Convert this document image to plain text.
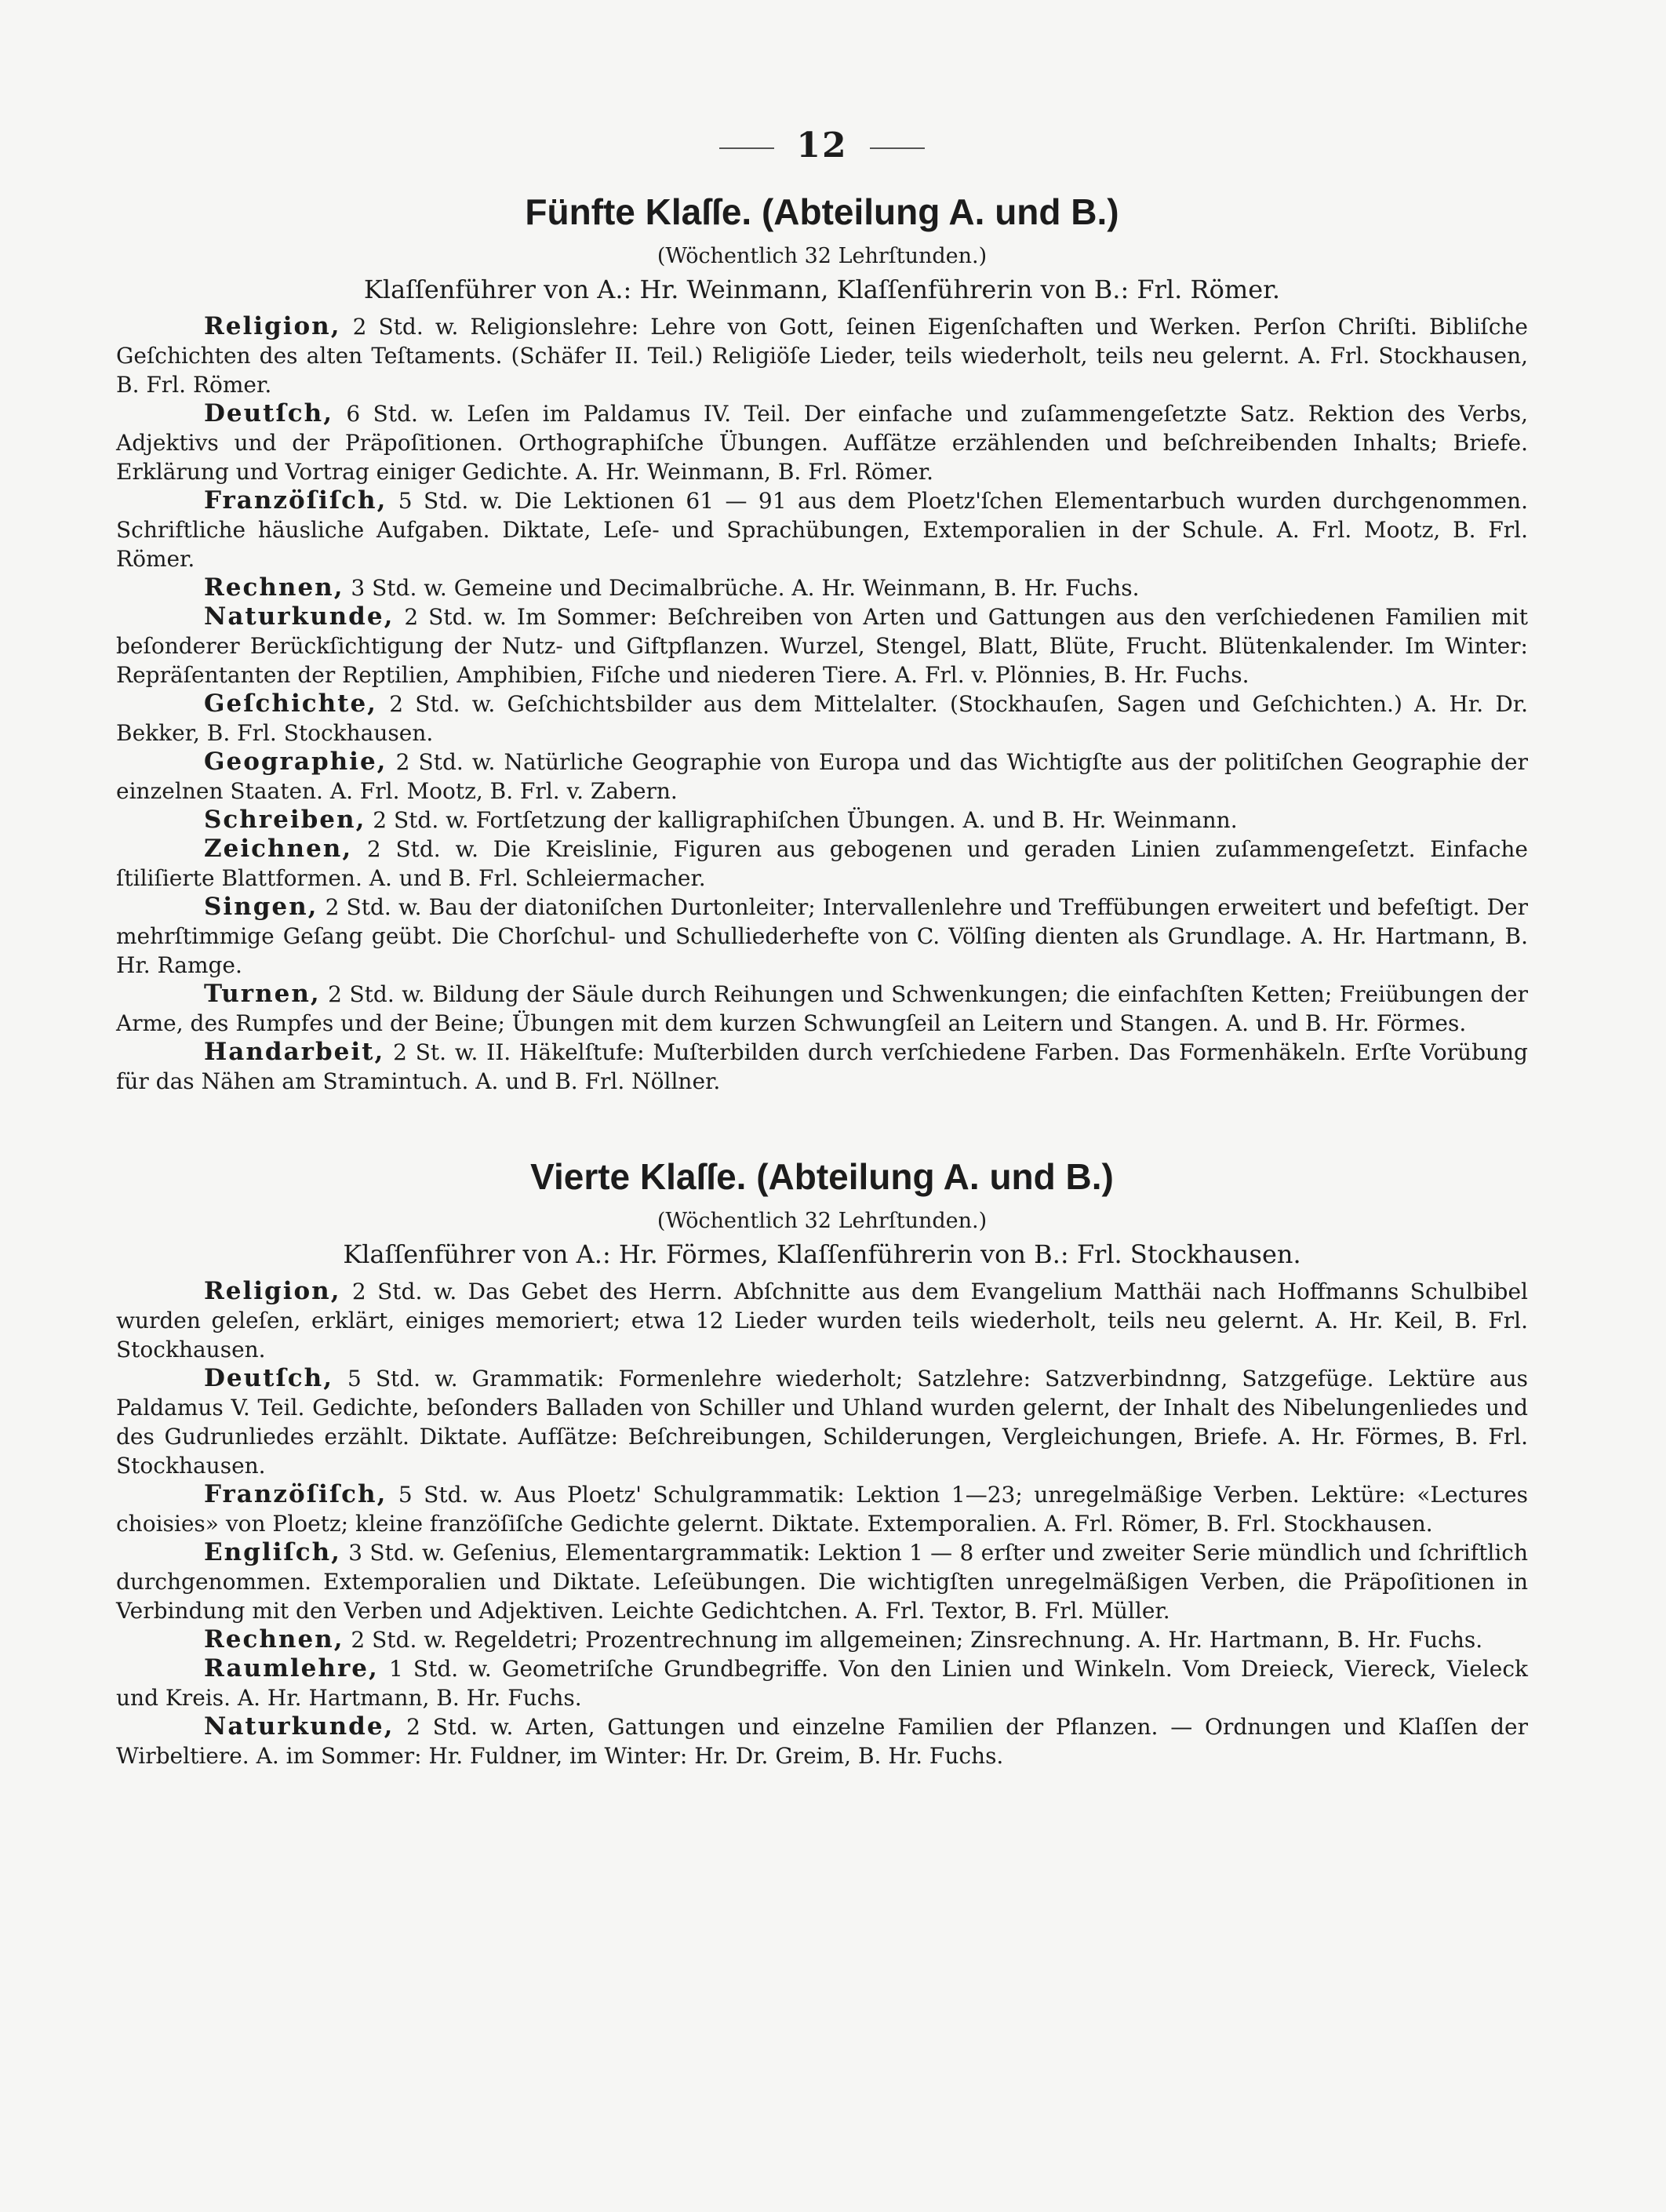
12
Fünfte Klaſſe. (Abteilung A. und B.)

(Wöchentlich 32 Lehrſtunden.)

Klaſſenführer von A.: Hr. Weinmann, Klaſſenführerin von B.: Frl. Römer.

Religion, 2 Std. w. Religionslehre: Lehre von Gott, ſeinen Eigenſchaften und Werken. Perſon Chriſti. Bibliſche Geſchichten des alten Teſtaments. (Schäfer II. Teil.) Religiöſe Lieder, teils wiederholt, teils neu gelernt. A. Frl. Stockhausen, B. Frl. Römer.

Deutſch, 6 Std. w. Leſen im Paldamus IV. Teil. Der einfache und zuſammengeſetzte Satz. Rektion des Verbs, Adjektivs und der Präpoſitionen. Orthographiſche Übungen. Aufſätze erzählenden und beſchreibenden Inhalts; Briefe. Erklärung und Vortrag einiger Gedichte. A. Hr. Weinmann, B. Frl. Römer.

Franzöſiſch, 5 Std. w. Die Lektionen 61 — 91 aus dem Ploetz'ſchen Elementarbuch wurden durchgenommen. Schriftliche häusliche Aufgaben. Diktate, Leſe- und Sprachübungen, Extemporalien in der Schule. A. Frl. Mootz, B. Frl. Römer.

Rechnen, 3 Std. w. Gemeine und Decimalbrüche. A. Hr. Weinmann, B. Hr. Fuchs.

Naturkunde, 2 Std. w. Im Sommer: Beſchreiben von Arten und Gattungen aus den verſchiedenen Familien mit beſonderer Berückſichtigung der Nutz- und Giftpflanzen. Wurzel, Stengel, Blatt, Blüte, Frucht. Blütenkalender. Im Winter: Repräſentanten der Reptilien, Amphibien, Fiſche und niederen Tiere. A. Frl. v. Plönnies, B. Hr. Fuchs.

Geſchichte, 2 Std. w. Geſchichtsbilder aus dem Mittelalter. (Stockhauſen, Sagen und Geſchichten.) A. Hr. Dr. Bekker, B. Frl. Stockhausen.

Geographie, 2 Std. w. Natürliche Geographie von Europa und das Wichtigſte aus der politiſchen Geographie der einzelnen Staaten. A. Frl. Mootz, B. Frl. v. Zabern.

Schreiben, 2 Std. w. Fortſetzung der kalligraphiſchen Übungen. A. und B. Hr. Weinmann.

Zeichnen, 2 Std. w. Die Kreislinie, Figuren aus gebogenen und geraden Linien zuſammengeſetzt. Einfache ſtiliſierte Blattformen. A. und B. Frl. Schleiermacher.

Singen, 2 Std. w. Bau der diatoniſchen Durtonleiter; Intervallenlehre und Treffübungen erweitert und befeſtigt. Der mehrſtimmige Geſang geübt. Die Chorſchul- und Schulliederhefte von C. Völſing dienten als Grundlage. A. Hr. Hartmann, B. Hr. Ramge.

Turnen, 2 Std. w. Bildung der Säule durch Reihungen und Schwenkungen; die einfachſten Ketten; Freiübungen der Arme, des Rumpfes und der Beine; Übungen mit dem kurzen Schwungſeil an Leitern und Stangen. A. und B. Hr. Förmes.

Handarbeit, 2 St. w. II. Häkelſtufe: Muſterbilden durch verſchiedene Farben. Das Formenhäkeln. Erſte Vorübung für das Nähen am Stramintuch. A. und B. Frl. Nöllner.

Vierte Klaſſe. (Abteilung A. und B.)

(Wöchentlich 32 Lehrſtunden.)

Klaſſenführer von A.: Hr. Förmes, Klaſſenführerin von B.: Frl. Stockhausen.

Religion, 2 Std. w. Das Gebet des Herrn. Abſchnitte aus dem Evangelium Matthäi nach Hoffmanns Schulbibel wurden geleſen, erklärt, einiges memoriert; etwa 12 Lieder wurden teils wiederholt, teils neu gelernt. A. Hr. Keil, B. Frl. Stockhausen.

Deutſch, 5 Std. w. Grammatik: Formenlehre wiederholt; Satzlehre: Satzverbindnng, Satzgefüge. Lektüre aus Paldamus V. Teil. Gedichte, beſonders Balladen von Schiller und Uhland wurden gelernt, der Inhalt des Nibelungenliedes und des Gudrunliedes erzählt. Diktate. Aufſätze: Beſchreibungen, Schilderungen, Vergleichungen, Briefe. A. Hr. Förmes, B. Frl. Stockhausen.

Franzöſiſch, 5 Std. w. Aus Ploetz' Schulgrammatik: Lektion 1—23; unregelmäßige Verben. Lektüre: «Lectures choisies» von Ploetz; kleine franzöſiſche Gedichte gelernt. Diktate. Extemporalien. A. Frl. Römer, B. Frl. Stockhausen.

Engliſch, 3 Std. w. Geſenius, Elementargrammatik: Lektion 1 — 8 erſter und zweiter Serie mündlich und ſchriftlich durchgenommen. Extemporalien und Diktate. Leſeübungen. Die wichtigſten unregelmäßigen Verben, die Präpoſitionen in Verbindung mit den Verben und Adjektiven. Leichte Gedichtchen. A. Frl. Textor, B. Frl. Müller.

Rechnen, 2 Std. w. Regeldetri; Prozentrechnung im allgemeinen; Zinsrechnung. A. Hr. Hartmann, B. Hr. Fuchs.

Raumlehre, 1 Std. w. Geometriſche Grundbegriffe. Von den Linien und Winkeln. Vom Dreieck, Viereck, Vieleck und Kreis. A. Hr. Hartmann, B. Hr. Fuchs.

Naturkunde, 2 Std. w. Arten, Gattungen und einzelne Familien der Pflanzen. — Ordnungen und Klaſſen der Wirbeltiere. A. im Sommer: Hr. Fuldner, im Winter: Hr. Dr. Greim, B. Hr. Fuchs.
